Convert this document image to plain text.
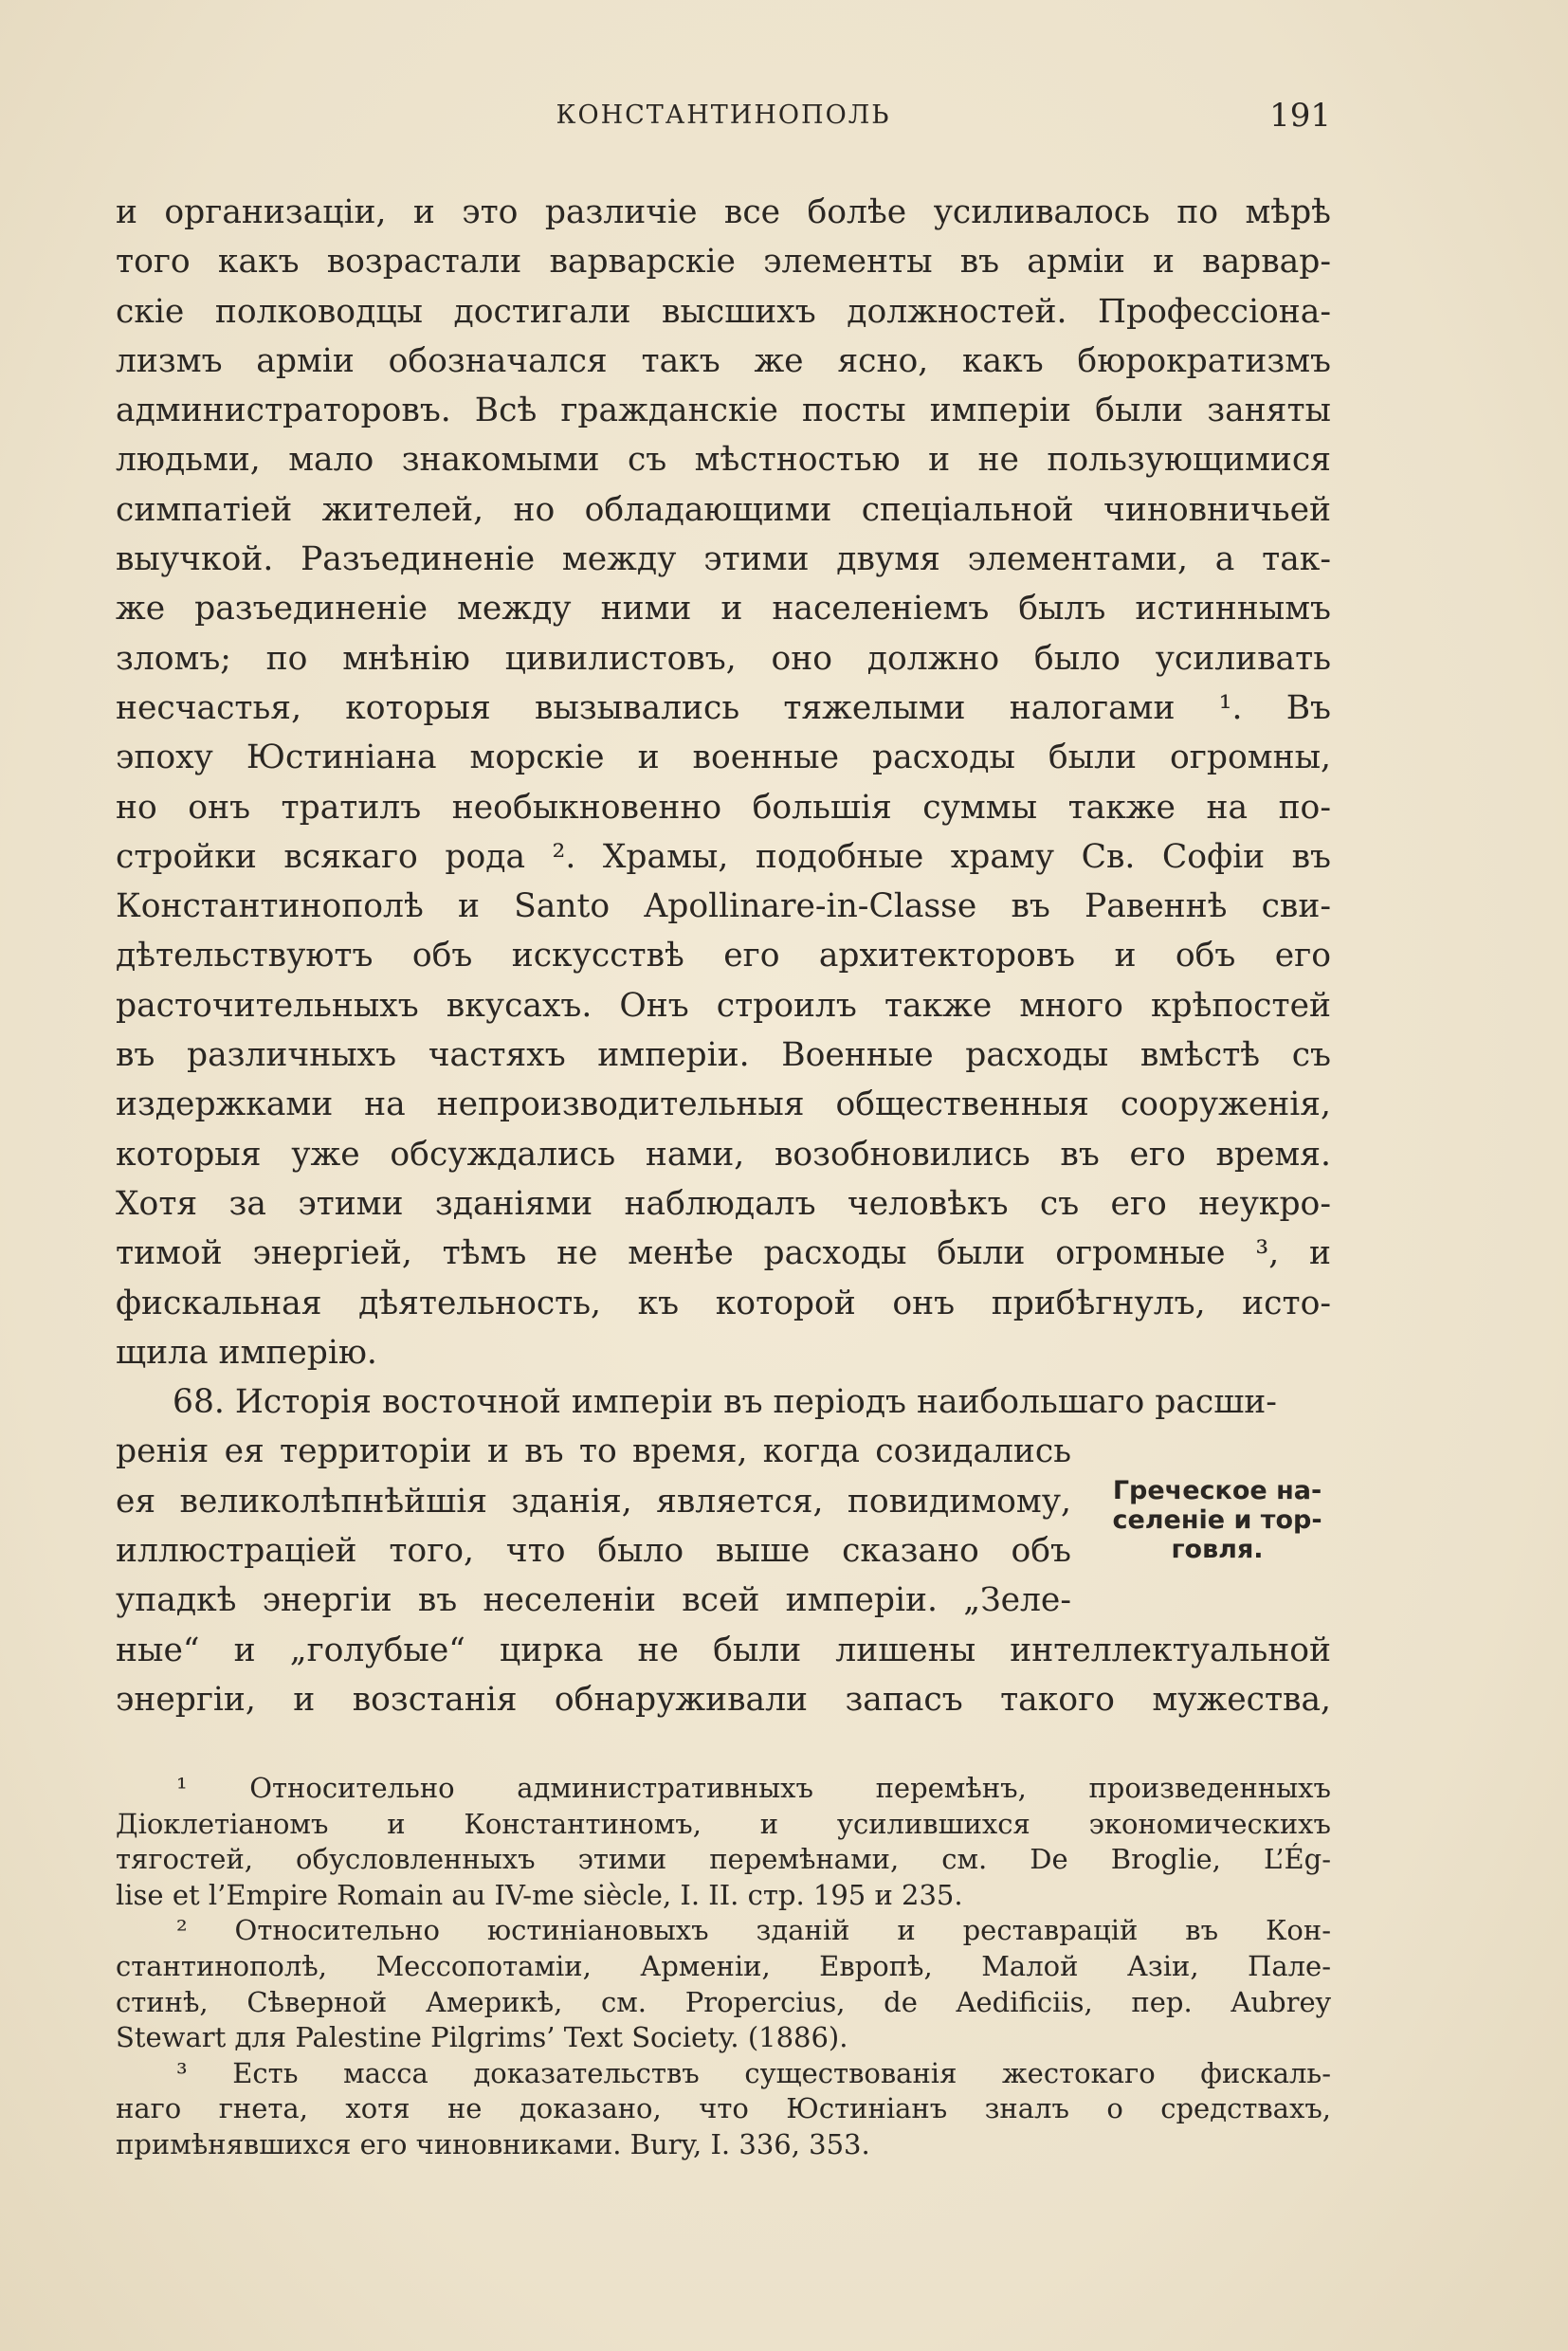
КОНСТАНТИНОПОЛЬ	191
и организаціи, и это различіе все болѣе усиливалось по мѣрѣ
того какъ возрастали варварскіе элементы въ арміи и варвар-
скіе полководцы достигали высшихъ должностей. Профессіона-
лизмъ арміи обозначался такъ же ясно, какъ бюрократизмъ
администраторовъ. Всѣ гражданскіе посты имперіи были заняты
людьми, мало знакомыми съ мѣстностью и не пользующимися
симпатіей жителей, но обладающими спеціальной чиновничьей
выучкой. Разъединеніе между этими двумя элементами, а так-
же разъединеніе между ними и населеніемъ былъ истиннымъ
зломъ; по мнѣнію цивилистовъ, оно должно было усиливать
несчастья, которыя вызывались тяжелыми налогами ¹. Въ
эпоху Юстиніана морскіе и военные расходы были огромны,
но онъ тратилъ необыкновенно большія суммы также на по-
стройки всякаго рода ². Храмы, подобные храму Св. Софіи въ
Константинополѣ и Santo Apollinare-in-Classe въ Равеннѣ сви-
дѣтельствуютъ объ искусствѣ его архитекторовъ и объ его
расточительныхъ вкусахъ. Онъ строилъ также много крѣпостей
въ различныхъ частяхъ имперіи. Военные расходы вмѣстѣ съ
издержками на непроизводительныя общественныя сооруженія,
которыя уже обсуждались нами, возобновились въ его время.
Хотя за этими зданіями наблюдалъ человѣкъ съ его неукро-
тимой энергіей, тѣмъ не менѣе расходы были огромные ³, и
фискальная дѣятельность, къ которой онъ прибѣгнулъ, исто-
щила имперію.
68. Исторія восточной имперіи въ періодъ наибольшаго расши-
ренія ея территоріи и въ то время, когда созидались
ея великолѣпнѣйшія зданія, является, повидимому,
иллюстраціей того, что было выше сказано объ
упадкѣ энергіи въ неселеніи всей имперіи. „Зеле-
ные“ и „голубые“ цирка не были лишены интеллектуальной
энергіи, и возстанія обнаруживали запасъ такого мужества,
Греческое на-
селеніе и тор-
говля.
¹ Относительно административныхъ перемѣнъ, произведенныхъ
Діоклетіаномъ и Константиномъ, и усилившихся экономическихъ
тягостей, обусловленныхъ этими перемѣнами, см. De Broglie, L’Ég-
lise et l’Empire Romain au IV-me siècle, I. II. стр. 195 и 235.
² Относительно юстиніановыхъ зданій и реставрацій въ Кон-
стантинополѣ, Мессопотаміи, Арменіи, Европѣ, Малой Азіи, Пале-
стинѣ, Сѣверной Америкѣ, см. Propercius, de Aedificiis, пер. Aubrey
Stewart для Palestine Pilgrims’ Text Society. (1886).
³ Есть масса доказательствъ существованія жестокаго фискаль-
наго гнета, хотя не доказано, что Юстиніанъ зналъ о средствахъ,
примѣнявшихся его чиновниками. Bury, I. 336, 353.
